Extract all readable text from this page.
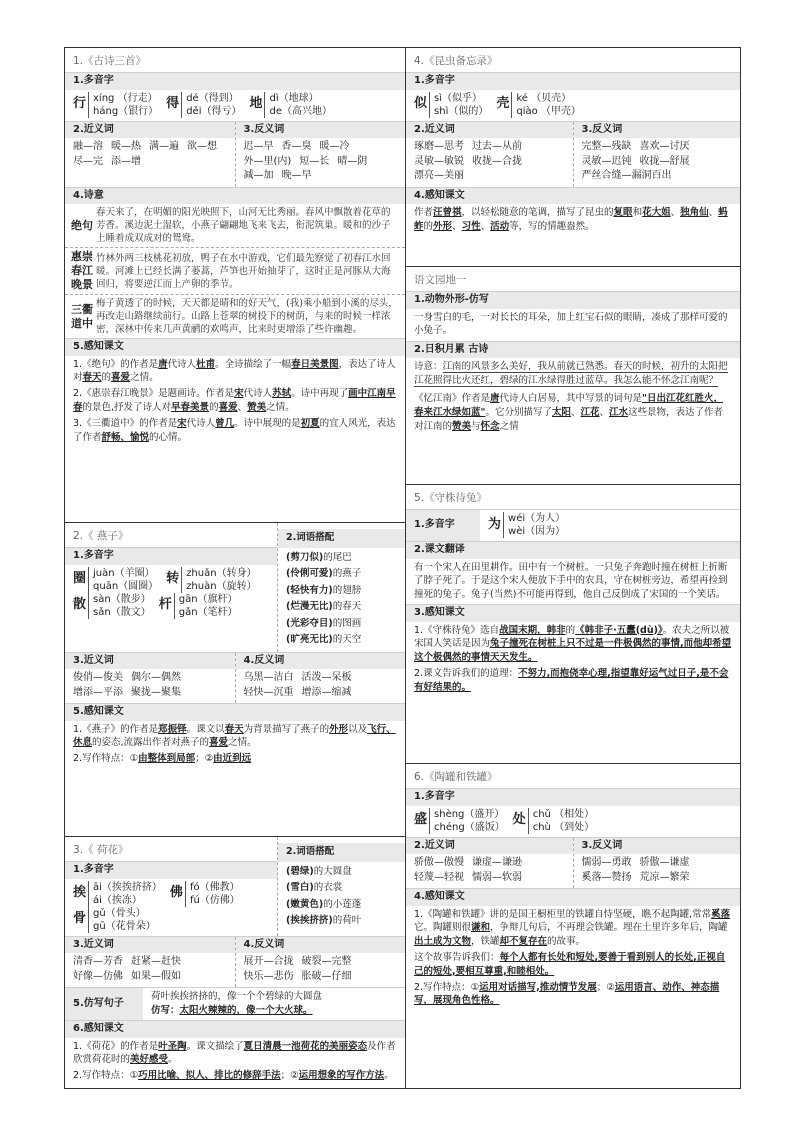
1.《古诗三首》
1.多音字
行 xíng （行走）
háng（银行） 得 dé（得到）
děi（得亏） 地 dì（地球）
de（高兴地）
2.近义词
融—溶 暖—热 满—遍 欲—想尽—完 添—增
3.反义词
迟—早 香—臭 暖—冷外—里(内) 短—长 晴—阴减—加 晚—早
4.诗意
绝句
春天来了，在明媚的阳光映照下，山河无比秀丽。春风中飘散着花草的芳香。溪边泥土湿软，小燕子翩翩地飞来飞去，衔泥筑巢。暖和的沙子上睡着成双成对的鸳鸯。
惠崇春江晚景
竹林外两三枝桃花初放，鸭子在水中游戏，它们最先察觉了初春江水回暖。河滩上已经长满了蒌蒿，芦笋也开始抽芽了，这时正是河豚从大海回归，将要逆江而上产卵的季节。
三衢道中
梅子黄透了的时候，天天都是晴和的好天气，(我)乘小船到小溪的尽头，再改走山路继续前行。山路上苍翠的树投下的树荫，与来的时候一样浓密，深林中传来几声黄鹂的欢鸣声，比来时更增添了些许幽趣。
5.感知课文

1.《绝句》的作者是唐代诗人杜甫。全诗描绘了一幅春日美景图，表达了诗人对春天的喜爱之情。

2.《惠崇春江晚景》是题画诗。作者是宋代诗人苏轼。诗中再现了画中江南早春的景色,抒发了诗人对早春美景的喜爱、赞美之情。

3.《三衢道中》的作者是宋代诗人曾几。诗中展现的是初夏的宜人风光，表达了作者舒畅、愉悦的心情。

2.《 燕子》
1.多音字
圈 juàn（羊圈）
quān（圆圈） 转 zhuǎn（转身）
zhuàn（旋转）
散 sàn（散步）
sǎn（散文） 杆 gān（旗杆）
gǎn（笔杆）
2.词语搭配
(剪刀似)的尾巴
(伶俐可爱)的燕子
(轻快有力)的翅膀
(烂漫无比)的春天
(光彩夺目)的图画
(旷亮无比)的天空
3.近义词
俊俏—俊美 偶尔—偶然增添—平添 聚拢—聚集
4.反义词
乌黑—洁白 活泼—呆板轻快—沉重 增添—缩减
5.感知课文

1.《燕子》的作者是郑振铎。课文以春天为背景描写了燕子的外形以及飞行、休息的姿态,流露出作者对燕子的喜爱之情。

2.写作特点：①由整体到局部；②由近到远

3.《 荷花》
1.多音字
挨 āi（挨挨挤挤）
ái（挨冻）	佛 fó（佛教）
fú（仿佛）
骨 gǔ（骨头）
gū（花骨朵）
2.词语搭配
(碧绿)的大圆盘
(雪白)的衣裳
(嫩黄色)的小莲蓬
(挨挨挤挤)的荷叶
3.近义词
清香—芳香 赶紧—赶快好像—仿佛 如果—假如
4.反义词
展开—合拢 破裂—完整快乐—悲伤 胀破—仔细
5.仿写句子
荷叶挨挨挤挤的，像一个个碧绿的大圆盘
仿写：太阳火辣辣的，像一个大火球。
6.感知课文

1.《荷花》的作者是叶圣陶。课文描绘了夏日清晨一池荷花的美丽姿态及作者欣赏荷花时的美好感受。

2.写作特点：①巧用比喻、拟人、排比的修辞手法；②运用想象的写作方法。

4.《昆虫备忘录》
1.多音字
似 sì（似乎）
shì（似的） 壳 ké （贝壳）
qiào （甲壳）
2.近义词
琢磨—思考 过去—从前灵敏—敏锐 收拢—合拢漂亮—美丽
3.反义词
完整—残缺 喜欢—讨厌灵敏—迟钝 收拢—舒展严丝合缝—漏洞百出
4.感知课文

作者汪曾祺，以轻松随意的笔调，描写了昆虫的复眼和花大姐、独角仙、蚂蚱的外形、习性、活动等，写的情趣盎然。

语文园地一
1.动物外形-仿写
一身雪白的毛，一对长长的耳朵，加上红宝石似的眼睛，凑成了那样可爱的小兔子。
2.日积月累 古诗
诗意：江南的风景多么美好，我从前就已熟悉。春天的时候，初升的太阳把江花照得比火还红，碧绿的江水绿得胜过蓝草。我怎么能不怀念江南呢？

《忆江南》作者是唐代诗人白居易，其中写景的词句是"日出江花红胜火，春来江水绿如蓝"。它分别描写了太阳、江花、江水这些景物，表达了作者对江南的赞美与怀念之情

5.《守株待兔》
1.多音字	为 wéi（为人）
wèi（因为）
2.课文翻译
有一个宋人在田里耕作。田中有一个树桩。一只兔子奔跑时撞在树桩上折断了脖子死了。于是这个宋人便放下手中的农具，守在树桩旁边，希望再捡到撞死的兔子。兔子(当然)不可能再得到，他自己反倒成了宋国的一个笑话。
3.感知课文

1.《守株待兔》选自战国末期，韩非的《韩非子·五蠹(dù)》。农夫之所以被宋国人笑话是因为兔子撞死在树桩上只不过是一件极偶然的事情,而他却希望这个极偶然的事情天天发生。

2.课文告诉我们的道理：不努力,而抱侥幸心理,指望靠好运气过日子,是不会有好结果的。

6.《陶罐和铁罐》
1.多音字
盛 shèng（盛开）
chéng（盛饭） 处 chǔ （相处）
chù （到处）
2.近义词
骄傲—傲慢 谦虚—谦逊轻蔑—轻视 懦弱—软弱
3.反义词
懦弱—勇敢 骄傲—谦虚奚落—赞扬 荒凉—繁荣
4.感知课文

1.《陶罐和铁罐》讲的是国王橱柜里的铁罐自恃坚硬，瞧不起陶罐,常常奚落它。陶罐则很谦和，争辩几句后，不再理会铁罐。埋在土里许多年后，陶罐出土成为文物，铁罐却不复存在的故事。

这个故事告诉我们：每个人都有长处和短处,要善于看到别人的长处,正视自己的短处,要相互尊重,和睦相处。

2.写作特点：①运用对话描写,推动情节发展；②运用语言、动作、神态描写，展现角色性格。
